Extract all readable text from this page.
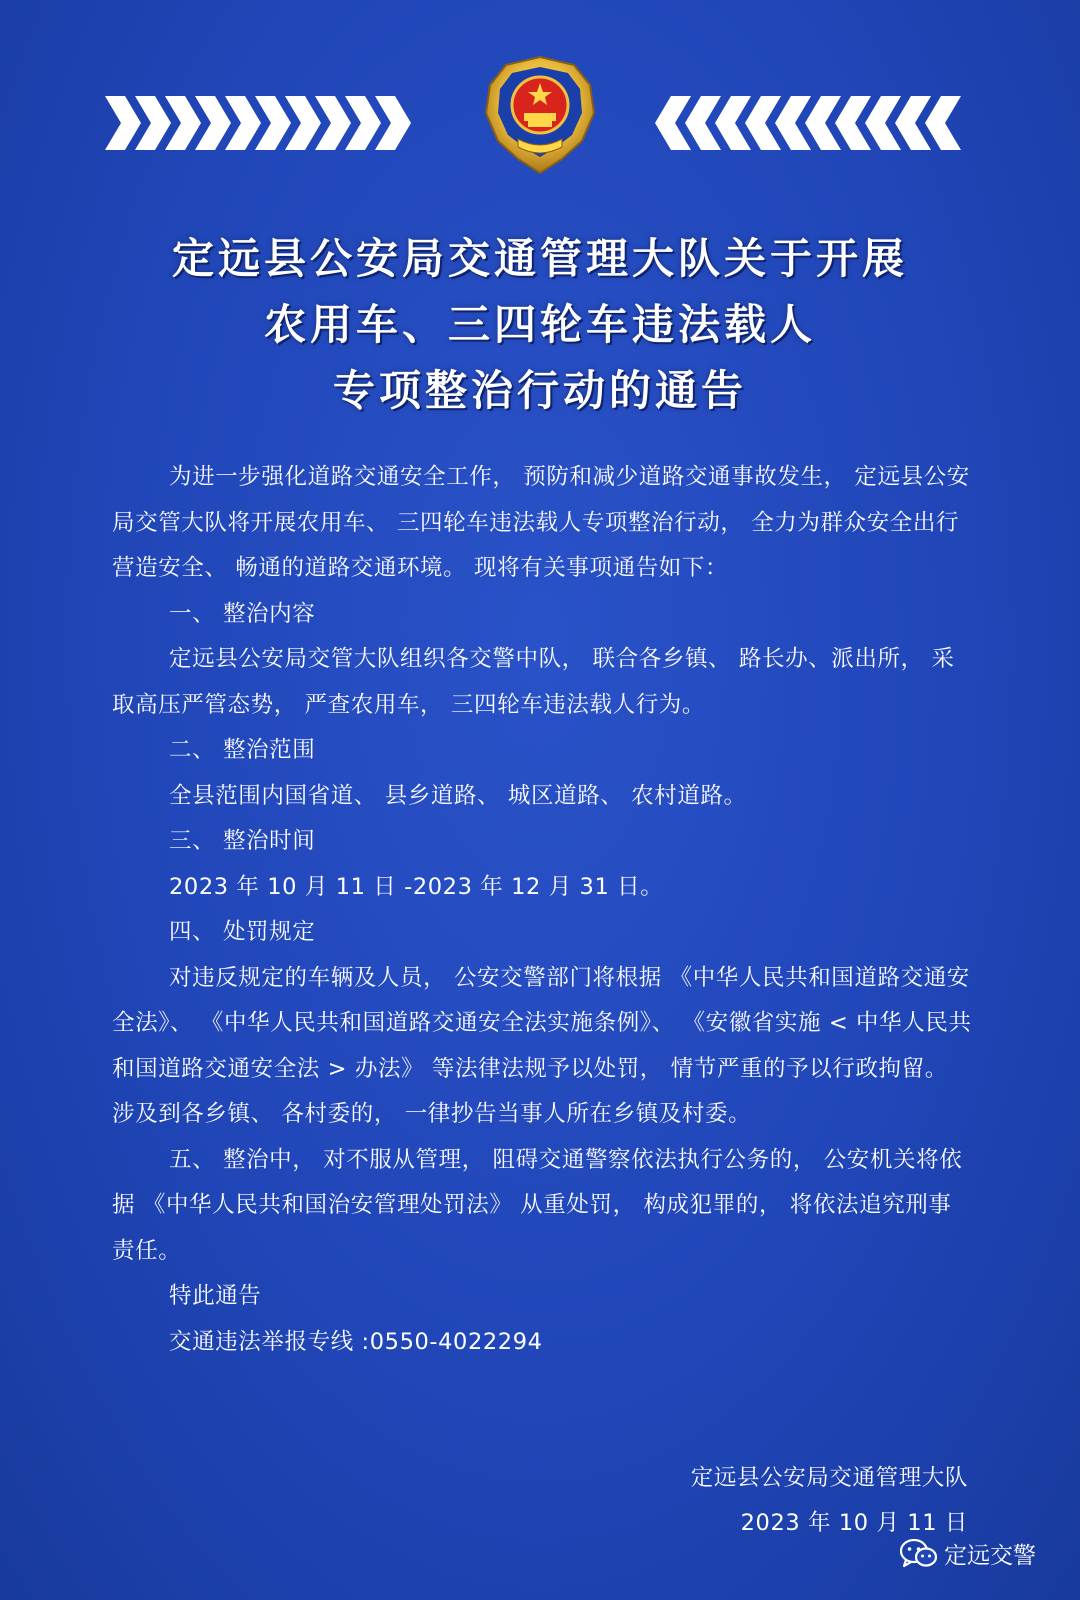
定远县公安局交通管理大队关于开展
农用车、三四轮车违法载人
专项整治行动的通告

为进一步强化道路交通安全工作， 预防和减少道路交通事故发生， 定远县公安局交管大队将开展农用车、 三四轮车违法载人专项整治行动， 全力为群众安全出行营造安全、 畅通的道路交通环境。 现将有关事项通告如下：

一、 整治内容

定远县公安局交管大队组织各交警中队， 联合各乡镇、 路长办、派出所， 采取高压严管态势， 严查农用车， 三四轮车违法载人行为。

二、 整治范围

全县范围内国省道、 县乡道路、 城区道路、 农村道路。

三、 整治时间

2023 年 10 月 11 日 -2023 年 12 月 31 日。

四、 处罚规定

对违反规定的车辆及人员， 公安交警部门将根据 《中华人民共和国道路交通安全法》、 《中华人民共和国道路交通安全法实施条例》、 《安徽省实施 < 中华人民共和国道路交通安全法 > 办法》 等法律法规予以处罚， 情节严重的予以行政拘留。 涉及到各乡镇、 各村委的， 一律抄告当事人所在乡镇及村委。

五、 整治中， 对不服从管理， 阻碍交通警察依法执行公务的， 公安机关将依据 《中华人民共和国治安管理处罚法》 从重处罚， 构成犯罪的， 将依法追究刑事责任。

特此通告

交通违法举报专线 :0550-4022294

定远县公安局交通管理大队
2023 年 10 月 11 日
定远交警
